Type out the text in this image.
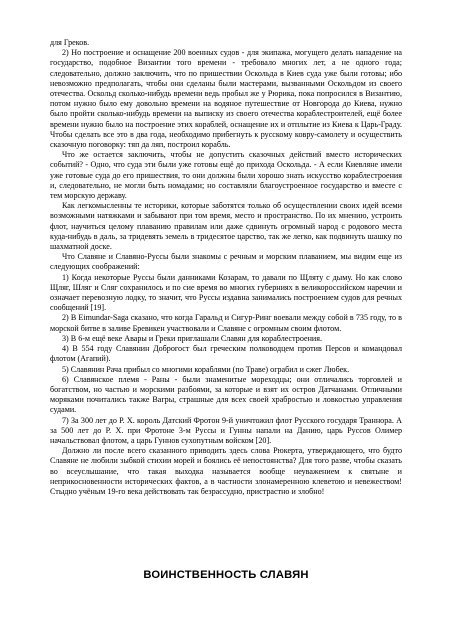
для Греков.

2) Но построение и оснащение 200 военных судов - для экипажа, могущего делать нападение на государство, подобное Византии того времени - требовало многих лет, а не одного года; следовательно, должно заключить, что по пришествии Оскольда в Киев суда уже были готовы; ибо невозможно предполагать, чтобы они сделаны были мастерами, вызванными Оскольдом из своего отечества. Оскольд сколько-нибудь времени ведь пробыл же у Рюрика, пока попросился в Византию, потом нужно было ему довольно времени на водяное путешествие от Новгорода до Киева, нужно было пройти сколько-нибудь времени на выписку из своего отечества кораблестроителей, ещё более времени нужно было на построение этих кораблей, оснащение их и отплытие из Киева к Царь-Граду. Чтобы сделать все это в два года, необходимо прибегнуть к русскому ковру-самолету и осуществить сказочную поговорку: тяп да ляп, построил корабль.

Что же остается заключить, чтобы не допустить сказочных действий вместо исторических событий? - Одно, что суда эти были уже готовы ещё до прихода Оскольда. - А если Киевляне имели уже готовые суда до его пришествия, то они должны были хорошо знать искусство кораблестроения и, следовательно, не могли быть номадами; но составляли благоустроенное государство и вместе с тем морскую державу.

Как легкомысленны те историки, которые заботятся только об осуществлении своих идей всеми возможными натяжками и забывают при том время, место и пространство. По их мнению, устроить флот, научиться целому плаванию правилам или даже сдвинуть огромный народ с родового места куда-нибудь в даль, за тридевять земель в тридесятое царство, так же легко, как подвинуть шашку по шахматной доске.

Что Славяне и Славяно-Руссы были знакомы с речным и морским плаванием, мы видим еще из следующих соображений:

1) Когда некоторые Руссы были данниками Козарам, то давали по Щляту с дыму. Но как слово Щляг, Шляг и Сляг сохранилось и по сие время во многих губерниях в великороссийском наречии и означает перевозную лодку, то значит, что Руссы издавна занимались построением судов для речных сообщений [19].

2) В Eimundar-Saga сказано, что когда Гаральд и Сигур-Ринг воевали между собой в 735 году, то в морской битве в заливе Бревикен участвовали и Славяне с огромным своим флотом.

3) В 6-м ещё веке Авары и Греки приглашали Славян для кораблестроения.

4) В 554 году Славянин Доброгост был греческим полководцем против Персов и командовал флотом (Агапий).

5) Славянин Рача прибыл со многими кораблями (по Траве) ограбил и сжег Любек.

6) Славянское племя - Раны - были знаменитые мореходцы; они отличались торговлей и богатством, но частью и морскими разбоями, за которые и взят их остров Датчанами. Отличными моряками почитались также Вагры, страшные для всех своей храбростью и ловкостью управления судами.

7) За 300 лет до Р. Х. король Датский Фротон 9-й уничтожил флот Русского государя Траннора. А за 500 лет до Р. Х. при Фротоне 3-м Руссы и Гунны напали на Данию, царь Руссов Олимер начальствовал флотом, а царь Гуннов сухопутным войском [20].

Должно ли после всего сказанного приводить здесь слова Рюкерта, утверждающего, что будто Славяне не любили зыбкой стихии морей и боялись её непостоянства? Для того разве, чтобы сказать во всеуслышание, что такая выходка называется вообще неуважением к святыне и неприкосновенности исторических фактов, а в частности злонамеренною клеветою и невежеством! Стыдно учёным 19-го века действовать так безрассудно, пристрастно и злобно!

ВОИНСТВЕННОСТЬ СЛАВЯН
